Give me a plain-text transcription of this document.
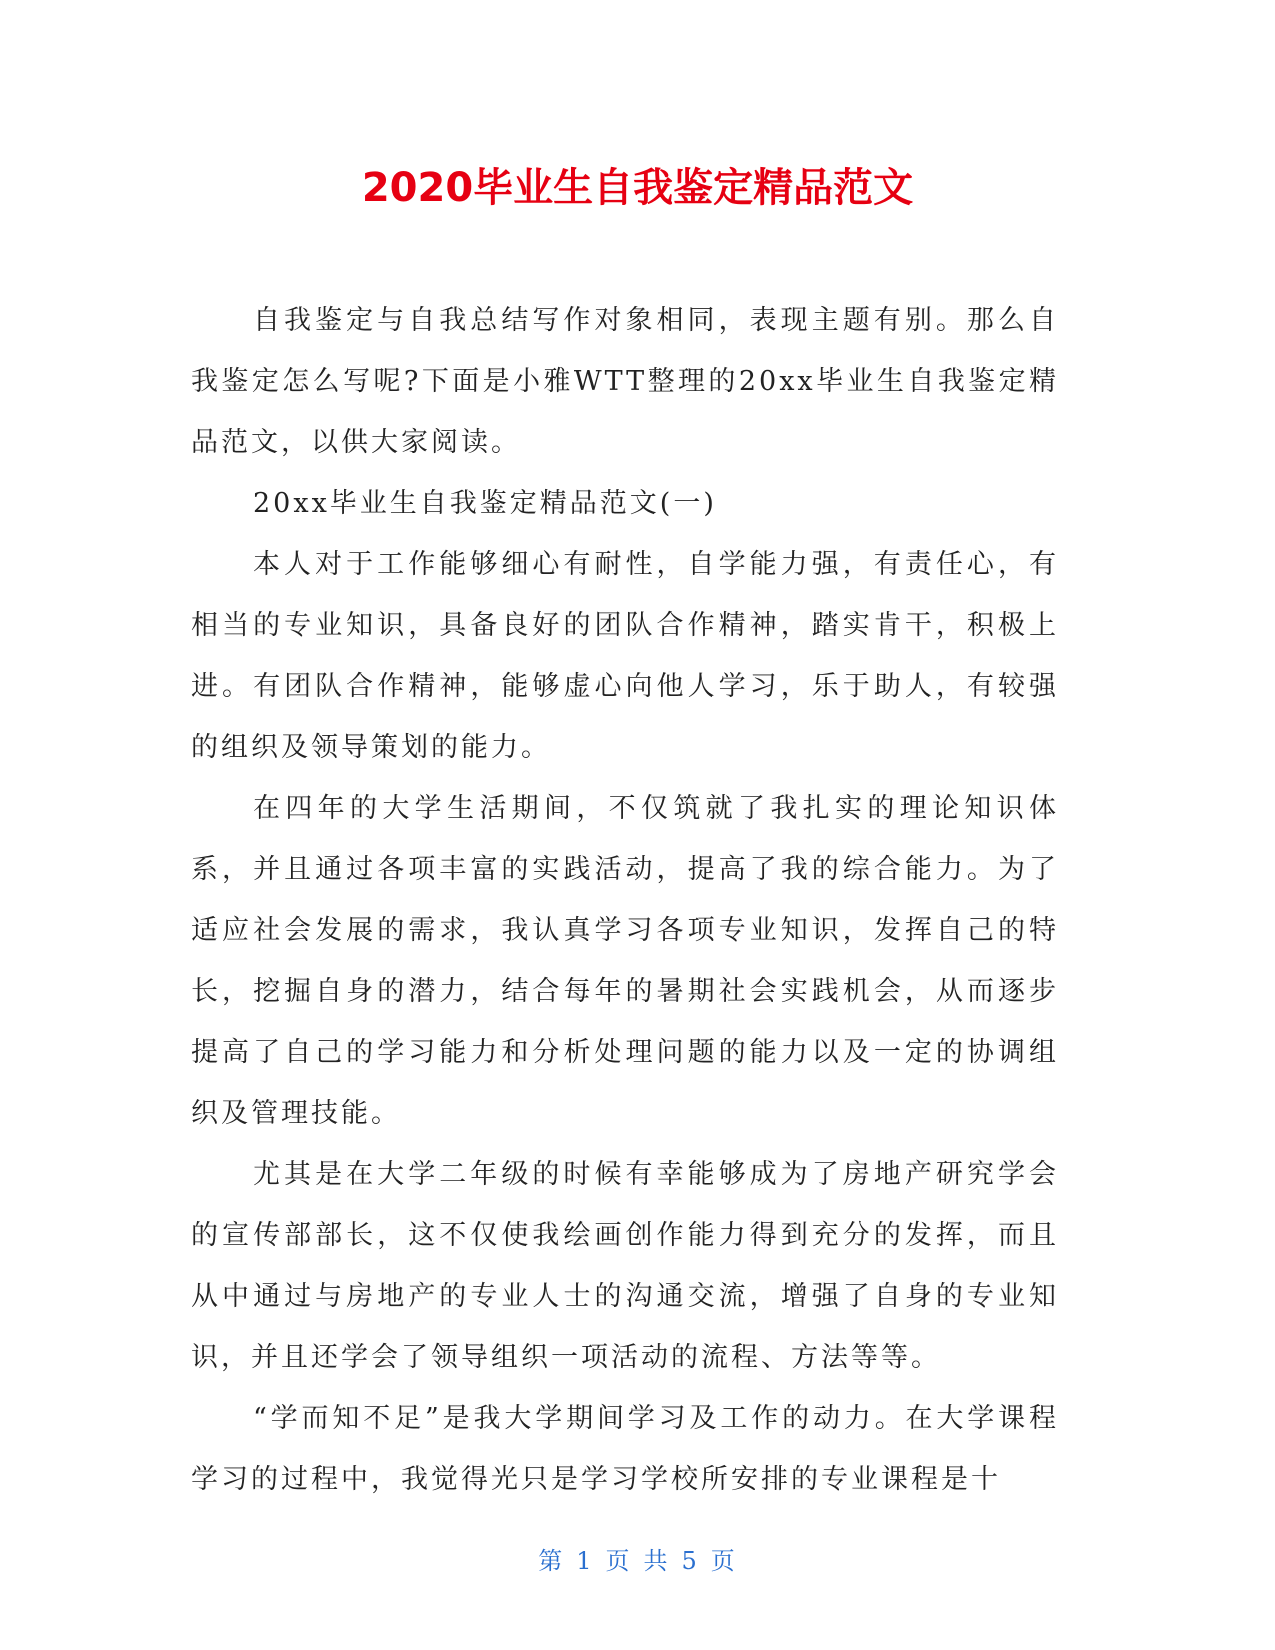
2020毕业生自我鉴定精品范文

自我鉴定与自我总结写作对象相同，表现主题有别。那么自我鉴定怎么写呢?下面是小雅WTT整理的20xx毕业生自我鉴定精品范文，以供大家阅读。

20xx毕业生自我鉴定精品范文(一)

本人对于工作能够细心有耐性，自学能力强，有责任心，有相当的专业知识，具备良好的团队合作精神，踏实肯干，积极上进。有团队合作精神，能够虚心向他人学习，乐于助人，有较强的组织及领导策划的能力。

在四年的大学生活期间，不仅筑就了我扎实的理论知识体系，并且通过各项丰富的实践活动，提高了我的综合能力。为了适应社会发展的需求，我认真学习各项专业知识，发挥自己的特长，挖掘自身的潜力，结合每年的暑期社会实践机会，从而逐步提高了自己的学习能力和分析处理问题的能力以及一定的协调组织及管理技能。

尤其是在大学二年级的时候有幸能够成为了房地产研究学会的宣传部部长，这不仅使我绘画创作能力得到充分的发挥，而且从中通过与房地产的专业人士的沟通交流，增强了自身的专业知识，并且还学会了领导组织一项活动的流程、方法等等。

“学而知不足”是我大学期间学习及工作的动力。在大学课程学习的过程中，我觉得光只是学习学校所安排的专业课程是十

第 1 页 共 5 页
